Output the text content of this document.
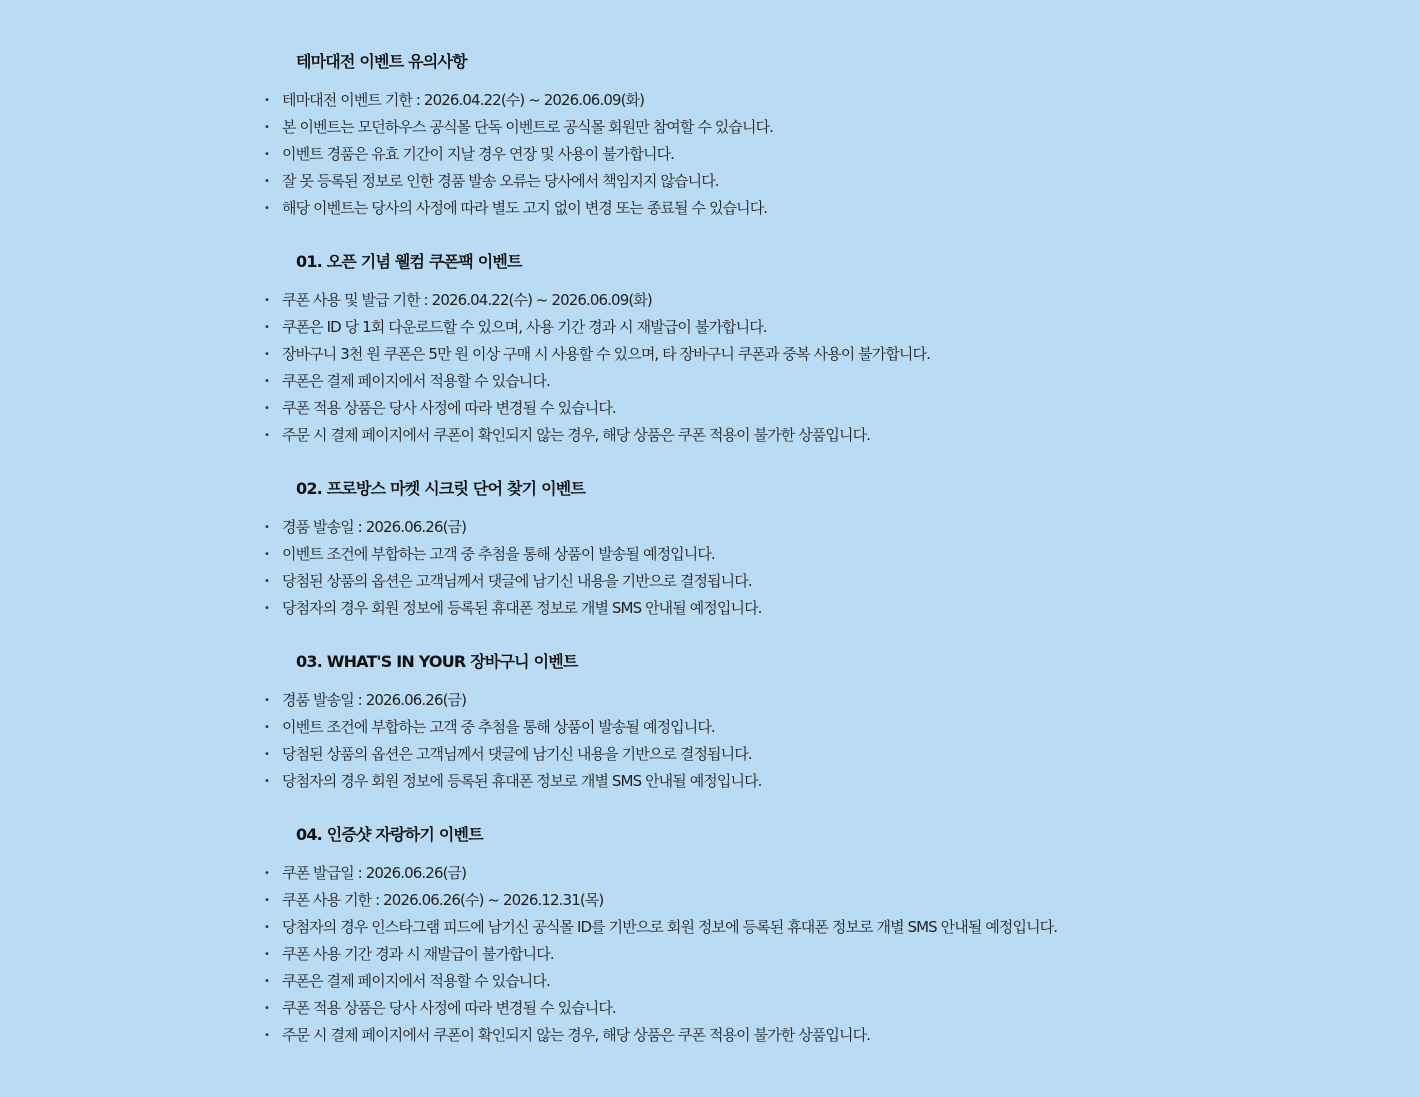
테마대전 이벤트 유의사항
• 테마대전 이벤트 기한 : 2026.04.22(수) ~ 2026.06.09(화)
• 본 이벤트는 모던하우스 공식몰 단독 이벤트로 공식몰 회원만 참여할 수 있습니다.
• 이벤트 경품은 유효 기간이 지날 경우 연장 및 사용이 불가합니다.
• 잘 못 등록된 정보로 인한 경품 발송 오류는 당사에서 책임지지 않습니다.
• 해당 이벤트는 당사의 사정에 따라 별도 고지 없이 변경 또는 종료될 수 있습니다.
01. 오픈 기념 웰컴 쿠폰팩 이벤트
• 쿠폰 사용 및 발급 기한 : 2026.04.22(수) ~ 2026.06.09(화)
• 쿠폰은 ID 당 1회 다운로드할 수 있으며, 사용 기간 경과 시 재발급이 불가합니다.
• 장바구니 3천 원 쿠폰은 5만 원 이상 구매 시 사용할 수 있으며, 타 장바구니 쿠폰과 중복 사용이 불가합니다.
• 쿠폰은 결제 페이지에서 적용할 수 있습니다.
• 쿠폰 적용 상품은 당사 사정에 따라 변경될 수 있습니다.
• 주문 시 결제 페이지에서 쿠폰이 확인되지 않는 경우, 해당 상품은 쿠폰 적용이 불가한 상품입니다.
02. 프로방스 마켓 시크릿 단어 찾기 이벤트
• 경품 발송일 : 2026.06.26(금)
• 이벤트 조건에 부합하는 고객 중 추첨을 통해 상품이 발송될 예정입니다.
• 당첨된 상품의 옵션은 고객님께서 댓글에 남기신 내용을 기반으로 결정됩니다.
• 당첨자의 경우 회원 정보에 등록된 휴대폰 정보로 개별 SMS 안내될 예정입니다.
03. WHAT'S IN YOUR 장바구니 이벤트
• 경품 발송일 : 2026.06.26(금)
• 이벤트 조건에 부합하는 고객 중 추첨을 통해 상품이 발송될 예정입니다.
• 당첨된 상품의 옵션은 고객님께서 댓글에 남기신 내용을 기반으로 결정됩니다.
• 당첨자의 경우 회원 정보에 등록된 휴대폰 정보로 개별 SMS 안내될 예정입니다.
04. 인증샷 자랑하기 이벤트
• 쿠폰 발급일 : 2026.06.26(금)
• 쿠폰 사용 기한 : 2026.06.26(수) ~ 2026.12.31(목)
• 당첨자의 경우 인스타그램 피드에 남기신 공식몰 ID를 기반으로 회원 정보에 등록된 휴대폰 정보로 개별 SMS 안내될 예정입니다.
• 쿠폰 사용 기간 경과 시 재발급이 불가합니다.
• 쿠폰은 결제 페이지에서 적용할 수 있습니다.
• 쿠폰 적용 상품은 당사 사정에 따라 변경될 수 있습니다.
• 주문 시 결제 페이지에서 쿠폰이 확인되지 않는 경우, 해당 상품은 쿠폰 적용이 불가한 상품입니다.
